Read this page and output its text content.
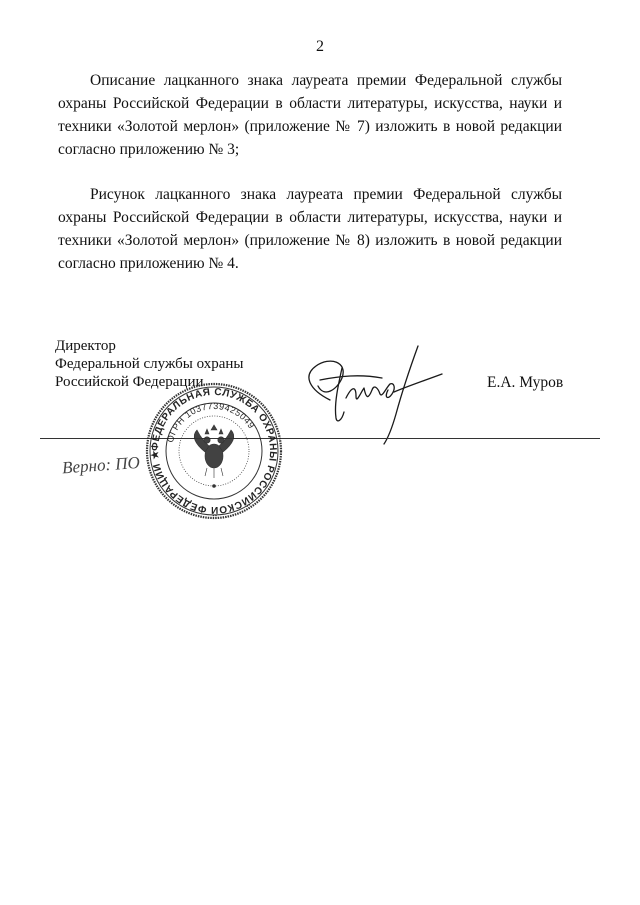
2

Описание лацканного знака лауреата премии Федеральной службы охраны Российской Федерации в области литературы, искусства, науки и техники «Золотой мерлон» (приложение № 7) изложить в новой редакции согласно приложению № 3;

Рисунок лацканного знака лауреата премии Федеральной службы охраны Российской Федерации в области литературы, искусства, науки и техники «Золотой мерлон» (приложение № 8) изложить в новой редакции согласно приложению № 4.

Директор
Федеральной службы охраны
Российской Федерации	Е.А. Муров
Верно: ПО
ФЕДЕРАЛЬНАЯ СЛУЖБА ОХРАНЫ РОССИЙСКОЙ ФЕДЕРАЦИИ ★
ОГРН 1037739425049
